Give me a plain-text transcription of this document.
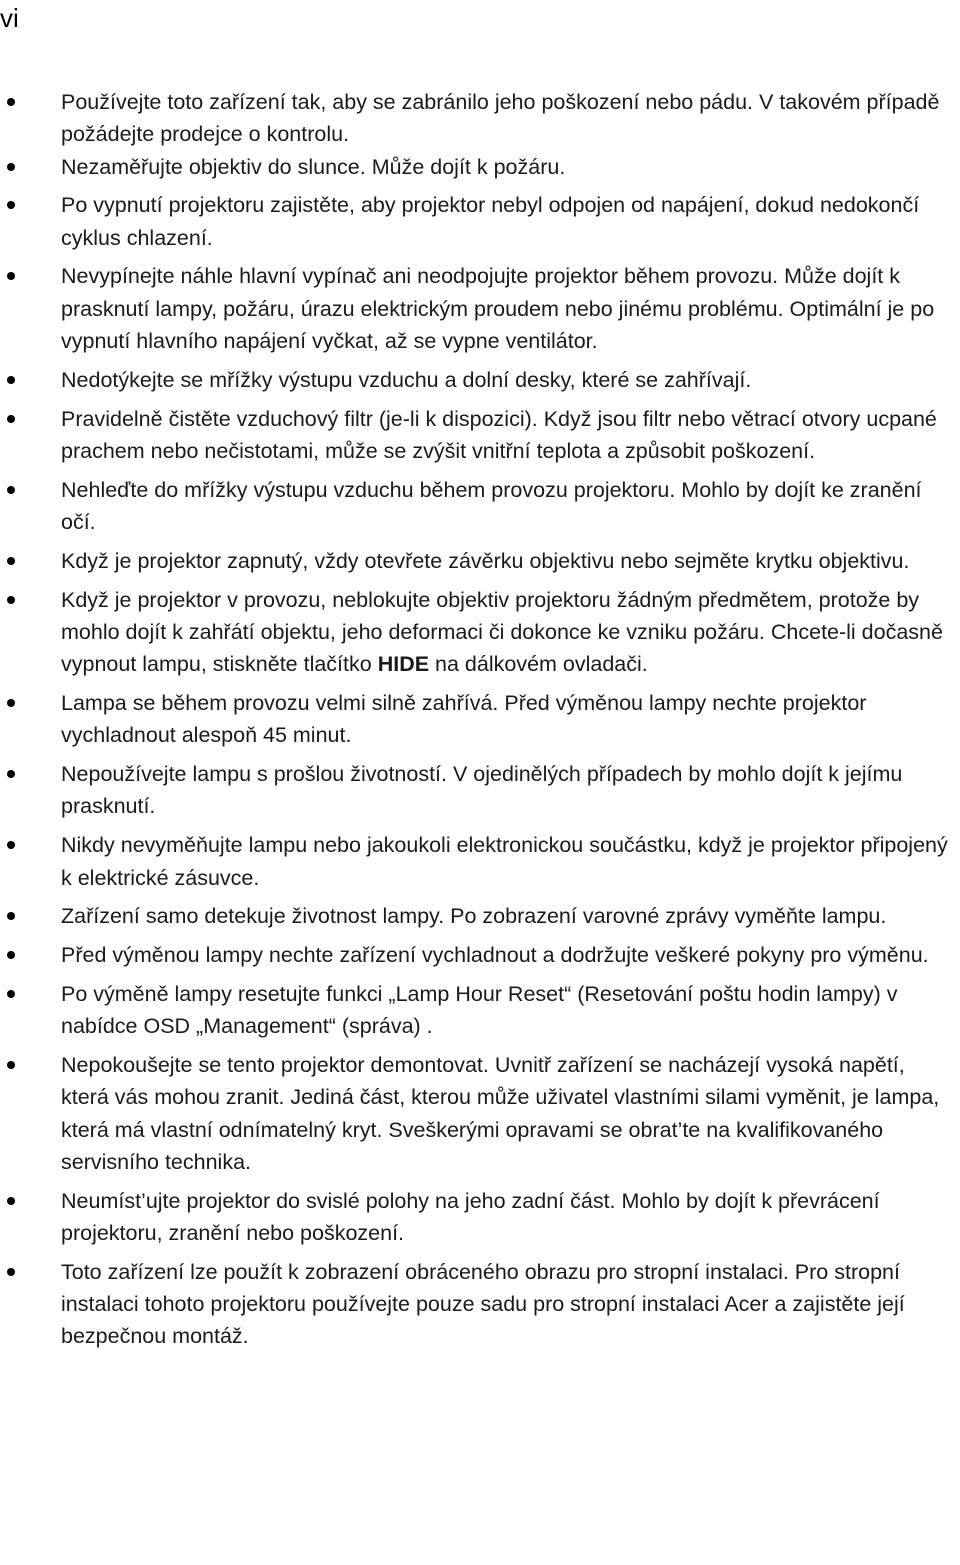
vi
Používejte toto zařízení tak, aby se zabránilo jeho poškození nebo pádu. V takovém případě požádejte prodejce o kontrolu.
Nezaměřujte objektiv do slunce. Může dojít k požáru.
Po vypnutí projektoru zajistěte, aby projektor nebyl odpojen od napájení, dokud nedokončí cyklus chlazení.
Nevypínejte náhle hlavní vypínač ani neodpojujte projektor během provozu. Může dojít k prasknutí lampy, požáru, úrazu elektrickým proudem nebo jinému problému. Optimální je po vypnutí hlavního napájení vyčkat, až se vypne ventilátor.
Nedotýkejte se mřížky výstupu vzduchu a dolní desky, které se zahřívají.
Pravidelně čistěte vzduchový filtr (je-li k dispozici). Když jsou filtr nebo větrací otvory ucpané prachem nebo nečistotami, může se zvýšit vnitřní teplota a způsobit poškození.
Nehleďte do mřížky výstupu vzduchu během provozu projektoru. Mohlo by dojít ke zranění očí.
Když je projektor zapnutý, vždy otevřete závěrku objektivu nebo sejměte krytku objektivu.
Když je projektor v provozu, neblokujte objektiv projektoru žádným předmětem, protože by mohlo dojít k zahřátí objektu, jeho deformaci či dokonce ke vzniku požáru. Chcete-li dočasně vypnout lampu, stiskněte tlačítko HIDE na dálkovém ovladači.
Lampa se během provozu velmi silně zahřívá. Před výměnou lampy nechte projektor vychladnout alespoň 45 minut.
Nepoužívejte lampu s prošlou životností. V ojedinělých případech by mohlo dojít k jejímu prasknutí.
Nikdy nevyměňujte lampu nebo jakoukoli elektronickou součástku, když je projektor připojený k elektrické zásuvce.
Zařízení samo detekuje životnost lampy. Po zobrazení varovné zprávy vyměňte lampu.
Před výměnou lampy nechte zařízení vychladnout a dodržujte veškeré pokyny pro výměnu.
Po výměně lampy resetujte funkci „Lamp Hour Reset“ (Resetování poštu hodin lampy) v nabídce OSD „Management“ (správa) .
Nepokoušejte se tento projektor demontovat. Uvnitř zařízení se nacházejí vysoká napětí, která vás mohou zranit. Jediná část, kterou může uživatel vlastními silami vyměnit, je lampa, která má vlastní odnímatelný kryt. Sveškerými opravami se obrat’te na kvalifikovaného servisního technika.
Neumíst’ujte projektor do svislé polohy na jeho zadní část. Mohlo by dojít k převrácení projektoru, zranění nebo poškození.
Toto zařízení lze použít k zobrazení obráceného obrazu pro stropní instalaci. Pro stropní instalaci tohoto projektoru používejte pouze sadu pro stropní instalaci Acer a zajistěte její bezpečnou montáž.
